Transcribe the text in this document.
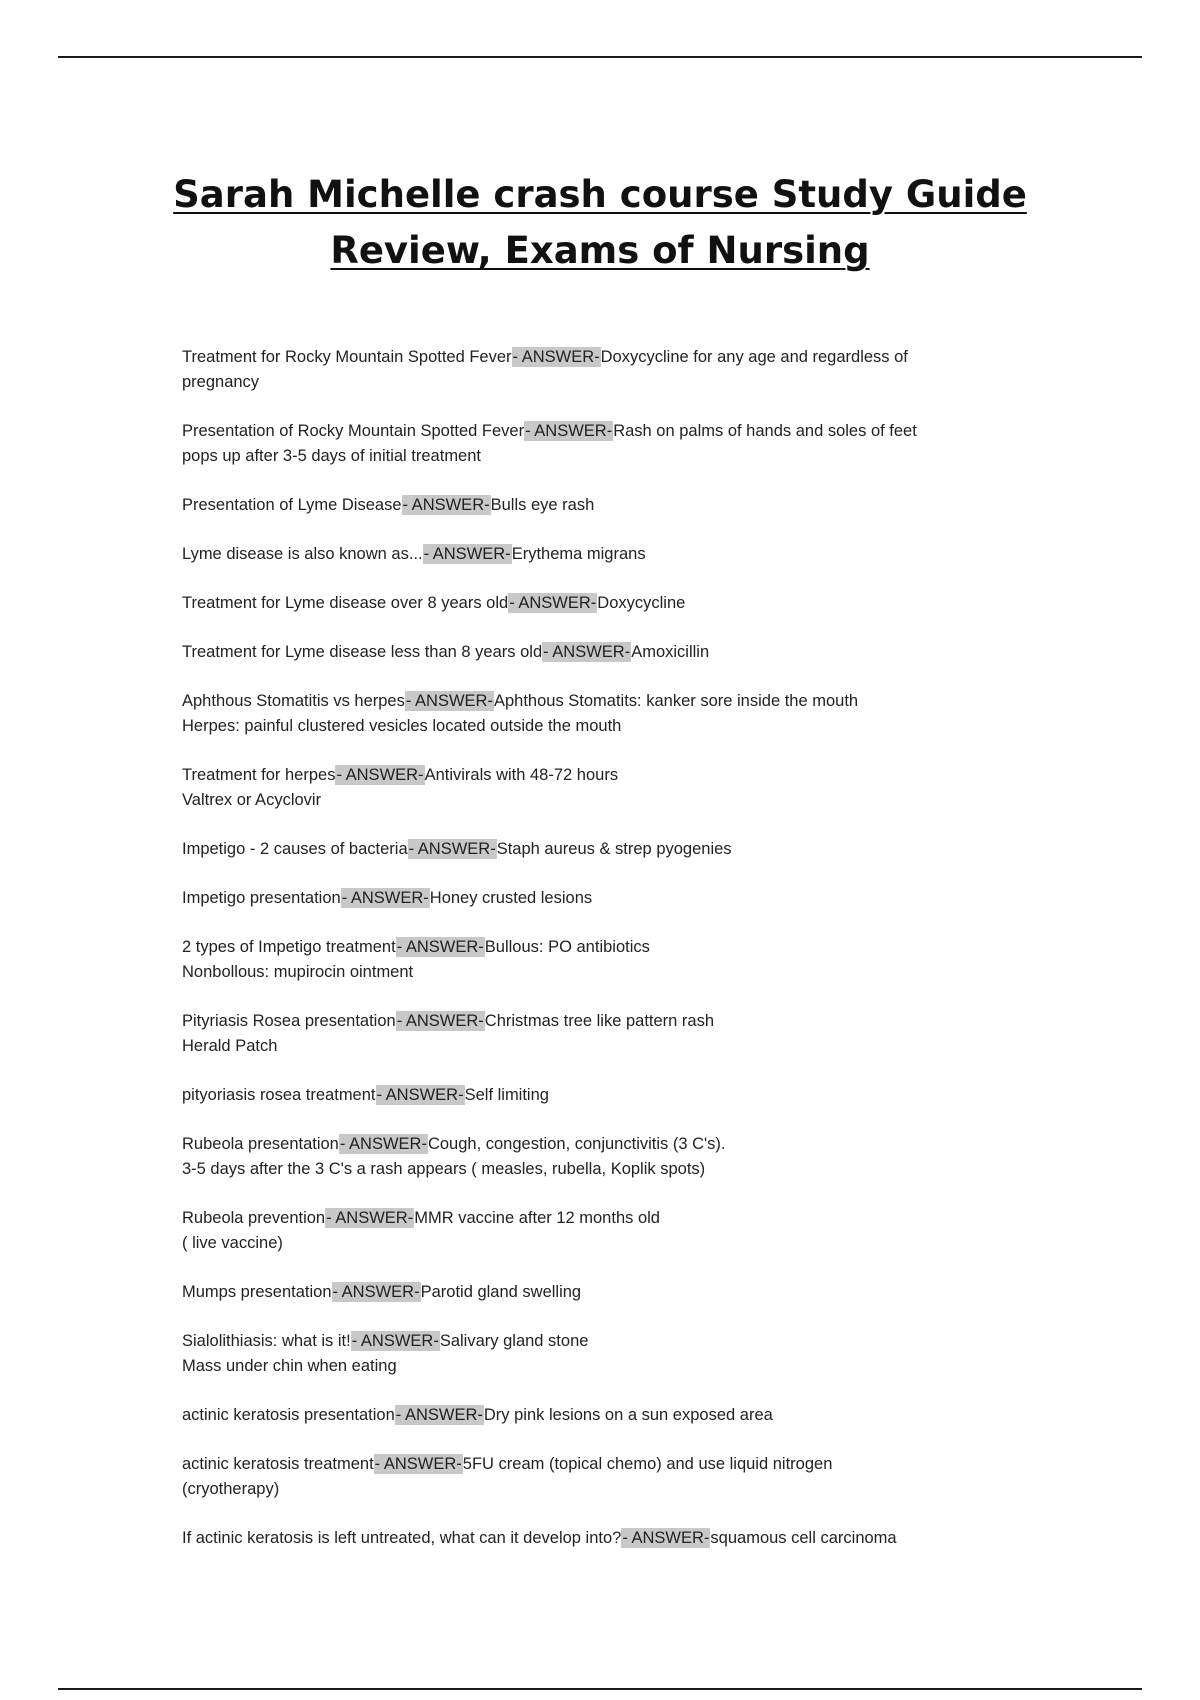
Sarah Michelle crash course Study Guide
Review, Exams of Nursing
Treatment for Rocky Mountain Spotted Fever- ANSWER-Doxycycline for any age and regardless of
pregnancy
Presentation of Rocky Mountain Spotted Fever- ANSWER-Rash on palms of hands and soles of feet
pops up after 3-5 days of initial treatment
Presentation of Lyme Disease- ANSWER-Bulls eye rash
Lyme disease is also known as...- ANSWER-Erythema migrans
Treatment for Lyme disease over 8 years old- ANSWER-Doxycycline
Treatment for Lyme disease less than 8 years old- ANSWER-Amoxicillin
Aphthous Stomatitis vs herpes- ANSWER-Aphthous Stomatits: kanker sore inside the mouth
Herpes: painful clustered vesicles located outside the mouth
Treatment for herpes- ANSWER-Antivirals with 48-72 hours
Valtrex or Acyclovir
Impetigo - 2 causes of bacteria- ANSWER-Staph aureus & strep pyogenies
Impetigo presentation- ANSWER-Honey crusted lesions
2 types of Impetigo treatment- ANSWER-Bullous: PO antibiotics
Nonbollous: mupirocin ointment
Pityriasis Rosea presentation- ANSWER-Christmas tree like pattern rash
Herald Patch
pityoriasis rosea treatment- ANSWER-Self limiting
Rubeola presentation- ANSWER-Cough, congestion, conjunctivitis (3 C's).
3-5 days after the 3 C's a rash appears ( measles, rubella, Koplik spots)
Rubeola prevention- ANSWER-MMR vaccine after 12 months old
( live vaccine)
Mumps presentation- ANSWER-Parotid gland swelling
Sialolithiasis: what is it!- ANSWER-Salivary gland stone
Mass under chin when eating
actinic keratosis presentation- ANSWER-Dry pink lesions on a sun exposed area
actinic keratosis treatment- ANSWER-5FU cream (topical chemo) and use liquid nitrogen
(cryotherapy)
If actinic keratosis is left untreated, what can it develop into?- ANSWER-squamous cell carcinoma
